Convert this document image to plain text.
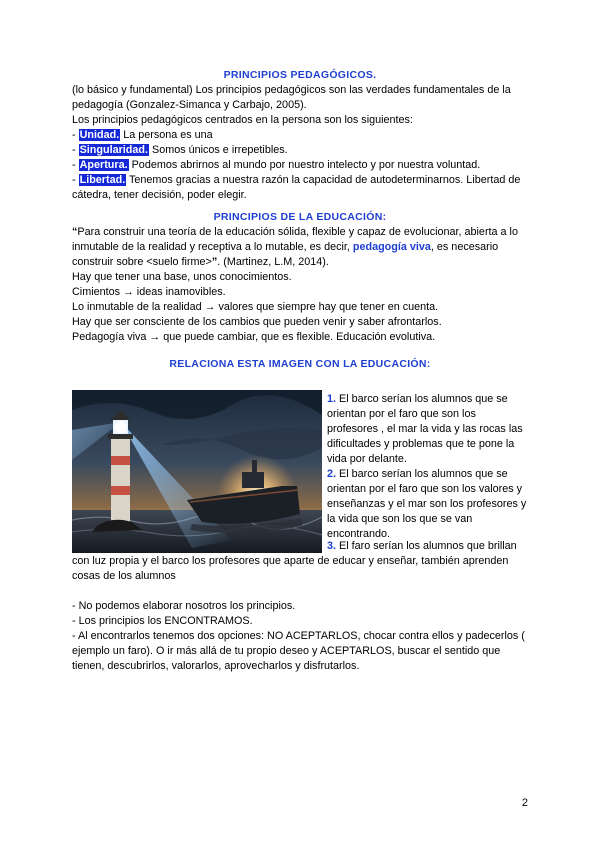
PRINCIPIOS PEDAGÓGICOS.

(lo básico y fundamental) Los principios pedagógicos son las verdades fundamentales de la pedagogía (Gonzalez-Simanca y Carbajo, 2005).

Los principios pedagógicos centrados en la persona son los siguientes:

- Unidad. La persona es una

- Singularidad. Somos únicos e irrepetibles.

- Apertura. Podemos abrirnos al mundo por nuestro intelecto y por nuestra voluntad.

- Libertad. Tenemos gracias a nuestra razón la capacidad de autodeterminarnos. Libertad de cátedra, tener decisión, poder elegir.

PRINCIPIOS DE LA EDUCACIÓN:

“Para construir una teoría de la educación sólida, flexible y capaz de evolucionar, abierta a lo inmutable de la realidad y receptiva a lo mutable, es decir, pedagogía viva, es necesario construir sobre <suelo firme>”. (Martinez, L.M, 2014).

Hay que tener una base, unos conocimientos.

Cimientos → ideas inamovibles.

Lo inmutable de la realidad → valores que siempre hay que tener en cuenta.

Hay que ser consciente de los cambios que pueden venir y saber afrontarlos.

Pedagogía viva → que puede cambiar, que es flexible. Educación evolutiva.

RELACIONA ESTA IMAGEN CON LA EDUCACIÓN:

1. El barco serían los alumnos que se orientan por el faro que son los profesores , el mar la vida y las rocas las dificultades y problemas que te pone la vida por delante.

2. El barco serían los alumnos que se orientan por el faro que son los valores y enseñanzas y el mar son los profesores y la vida que son los que se van encontrando.

3. El faro serían los alumnos que brillan con luz propia y el barco los profesores que aparte de educar y enseñar, también aprenden cosas de los alumnos

- No podemos elaborar nosotros los principios.

- Los principios los ENCONTRAMOS.

- Al encontrarlos tenemos dos opciones: NO ACEPTARLOS, chocar contra ellos y padecerlos ( ejemplo un faro). O ir más allá de tu propio deseo y ACEPTARLOS, buscar el sentido que tienen, descubrirlos, valorarlos, aprovecharlos y disfrutarlos.

2
